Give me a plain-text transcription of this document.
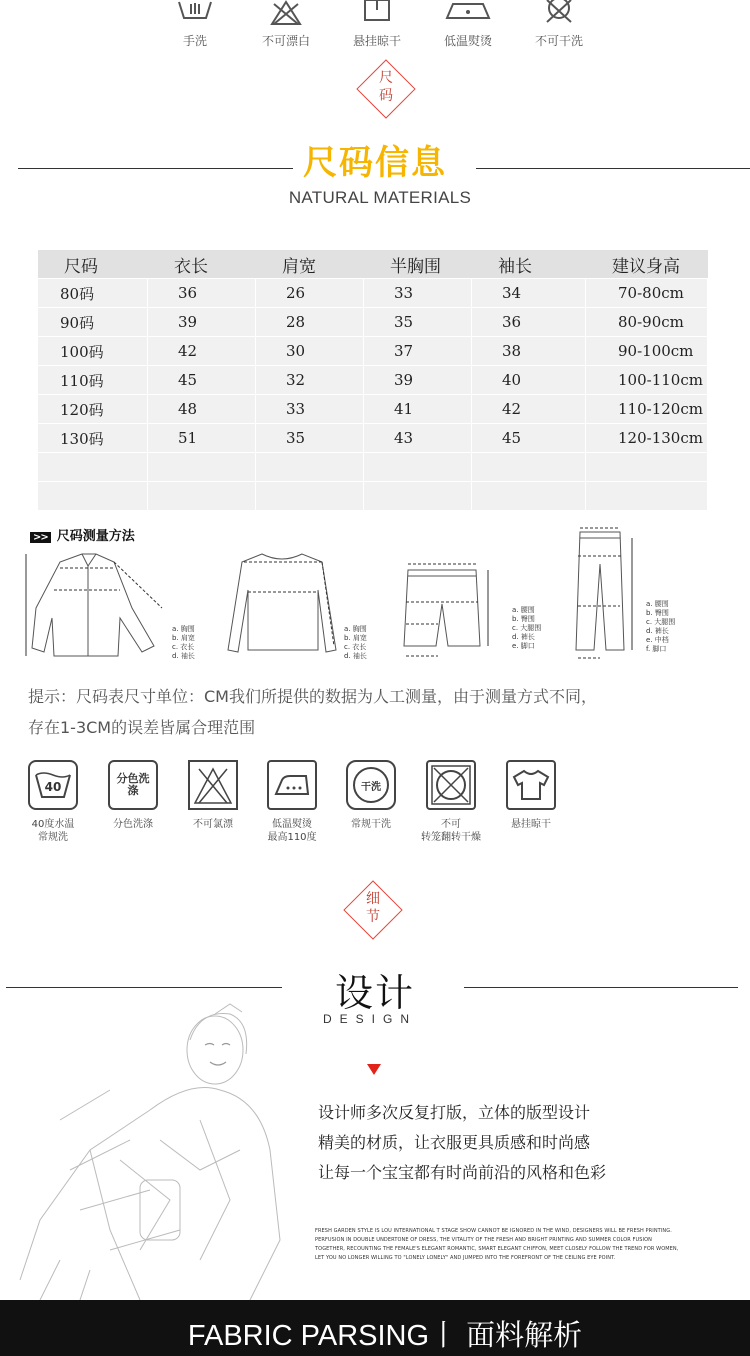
手洗	不可漂白	悬挂晾干	低温熨烫	不可干洗
尺
码
尺码信息
NATURAL MATERIALS
尺码	衣长	肩宽	半胸围	袖长	建议身高
80码	36	26	33	34	70-80cm
90码	39	28	35	36	80-90cm
100码	42	30	37	38	90-100cm
110码	45	32	39	40	100-110cm
120码	48	33	41	42	110-120cm
130码	51	35	43	45	120-130cm

>> 尺码测量方法
a. 胸围
b. 肩宽
c. 衣长
d. 袖长
a. 胸围
b. 肩宽
c. 衣长
d. 袖长
a. 腰围
b. 臀围
c. 大腿围
d. 裤长
e. 脚口
a. 腰围
b. 臀围
c. 大腿围
d. 裤长
e. 中档
f. 脚口
提示：尺码表尺寸单位：CM我们所提供的数据为人工测量，由于测量方式不同，
存在1-3CM的误差皆属合理范围
40
40度水温
常规洗
分色洗涤
分色洗涤	不可氯漂	低温熨烫
最高110度
干洗
常规干洗	不可
转笼翻转干燥
悬挂晾干
细
节
设计
DESIGN
设计师多次反复打版，立体的版型设计
精美的材质，让衣服更具质感和时尚感
让每一个宝宝都有时尚前沿的风格和色彩
FRESH GARDEN STYLE IS LOU INTERNATIONAL T STAGE SHOW CANNOT BE IGNORED IN THE WIND, DESIGNERS WILL BE FRESH PRINTING.
PERFUSION IN DOUBLE UNDERTONE OF DRESS, THE VITALITY OF THE FRESH AND BRIGHT PRINTING AND SUMMER COLOR FUSION
TOGETHER, RECOUNTING THE FEMALE'S ELEGANT ROMANTIC, SMART ELEGANT CHIFFON, MEET CLOSELY FOLLOW THE TREND FOR WOMEN,
LET YOU NO LONGER WILLING TO "LONELY LONELY" AND JUMPED INTO THE FOREFRONT OF THE CEILING EYE POINT.
FABRIC PARSING丨 面料解析
